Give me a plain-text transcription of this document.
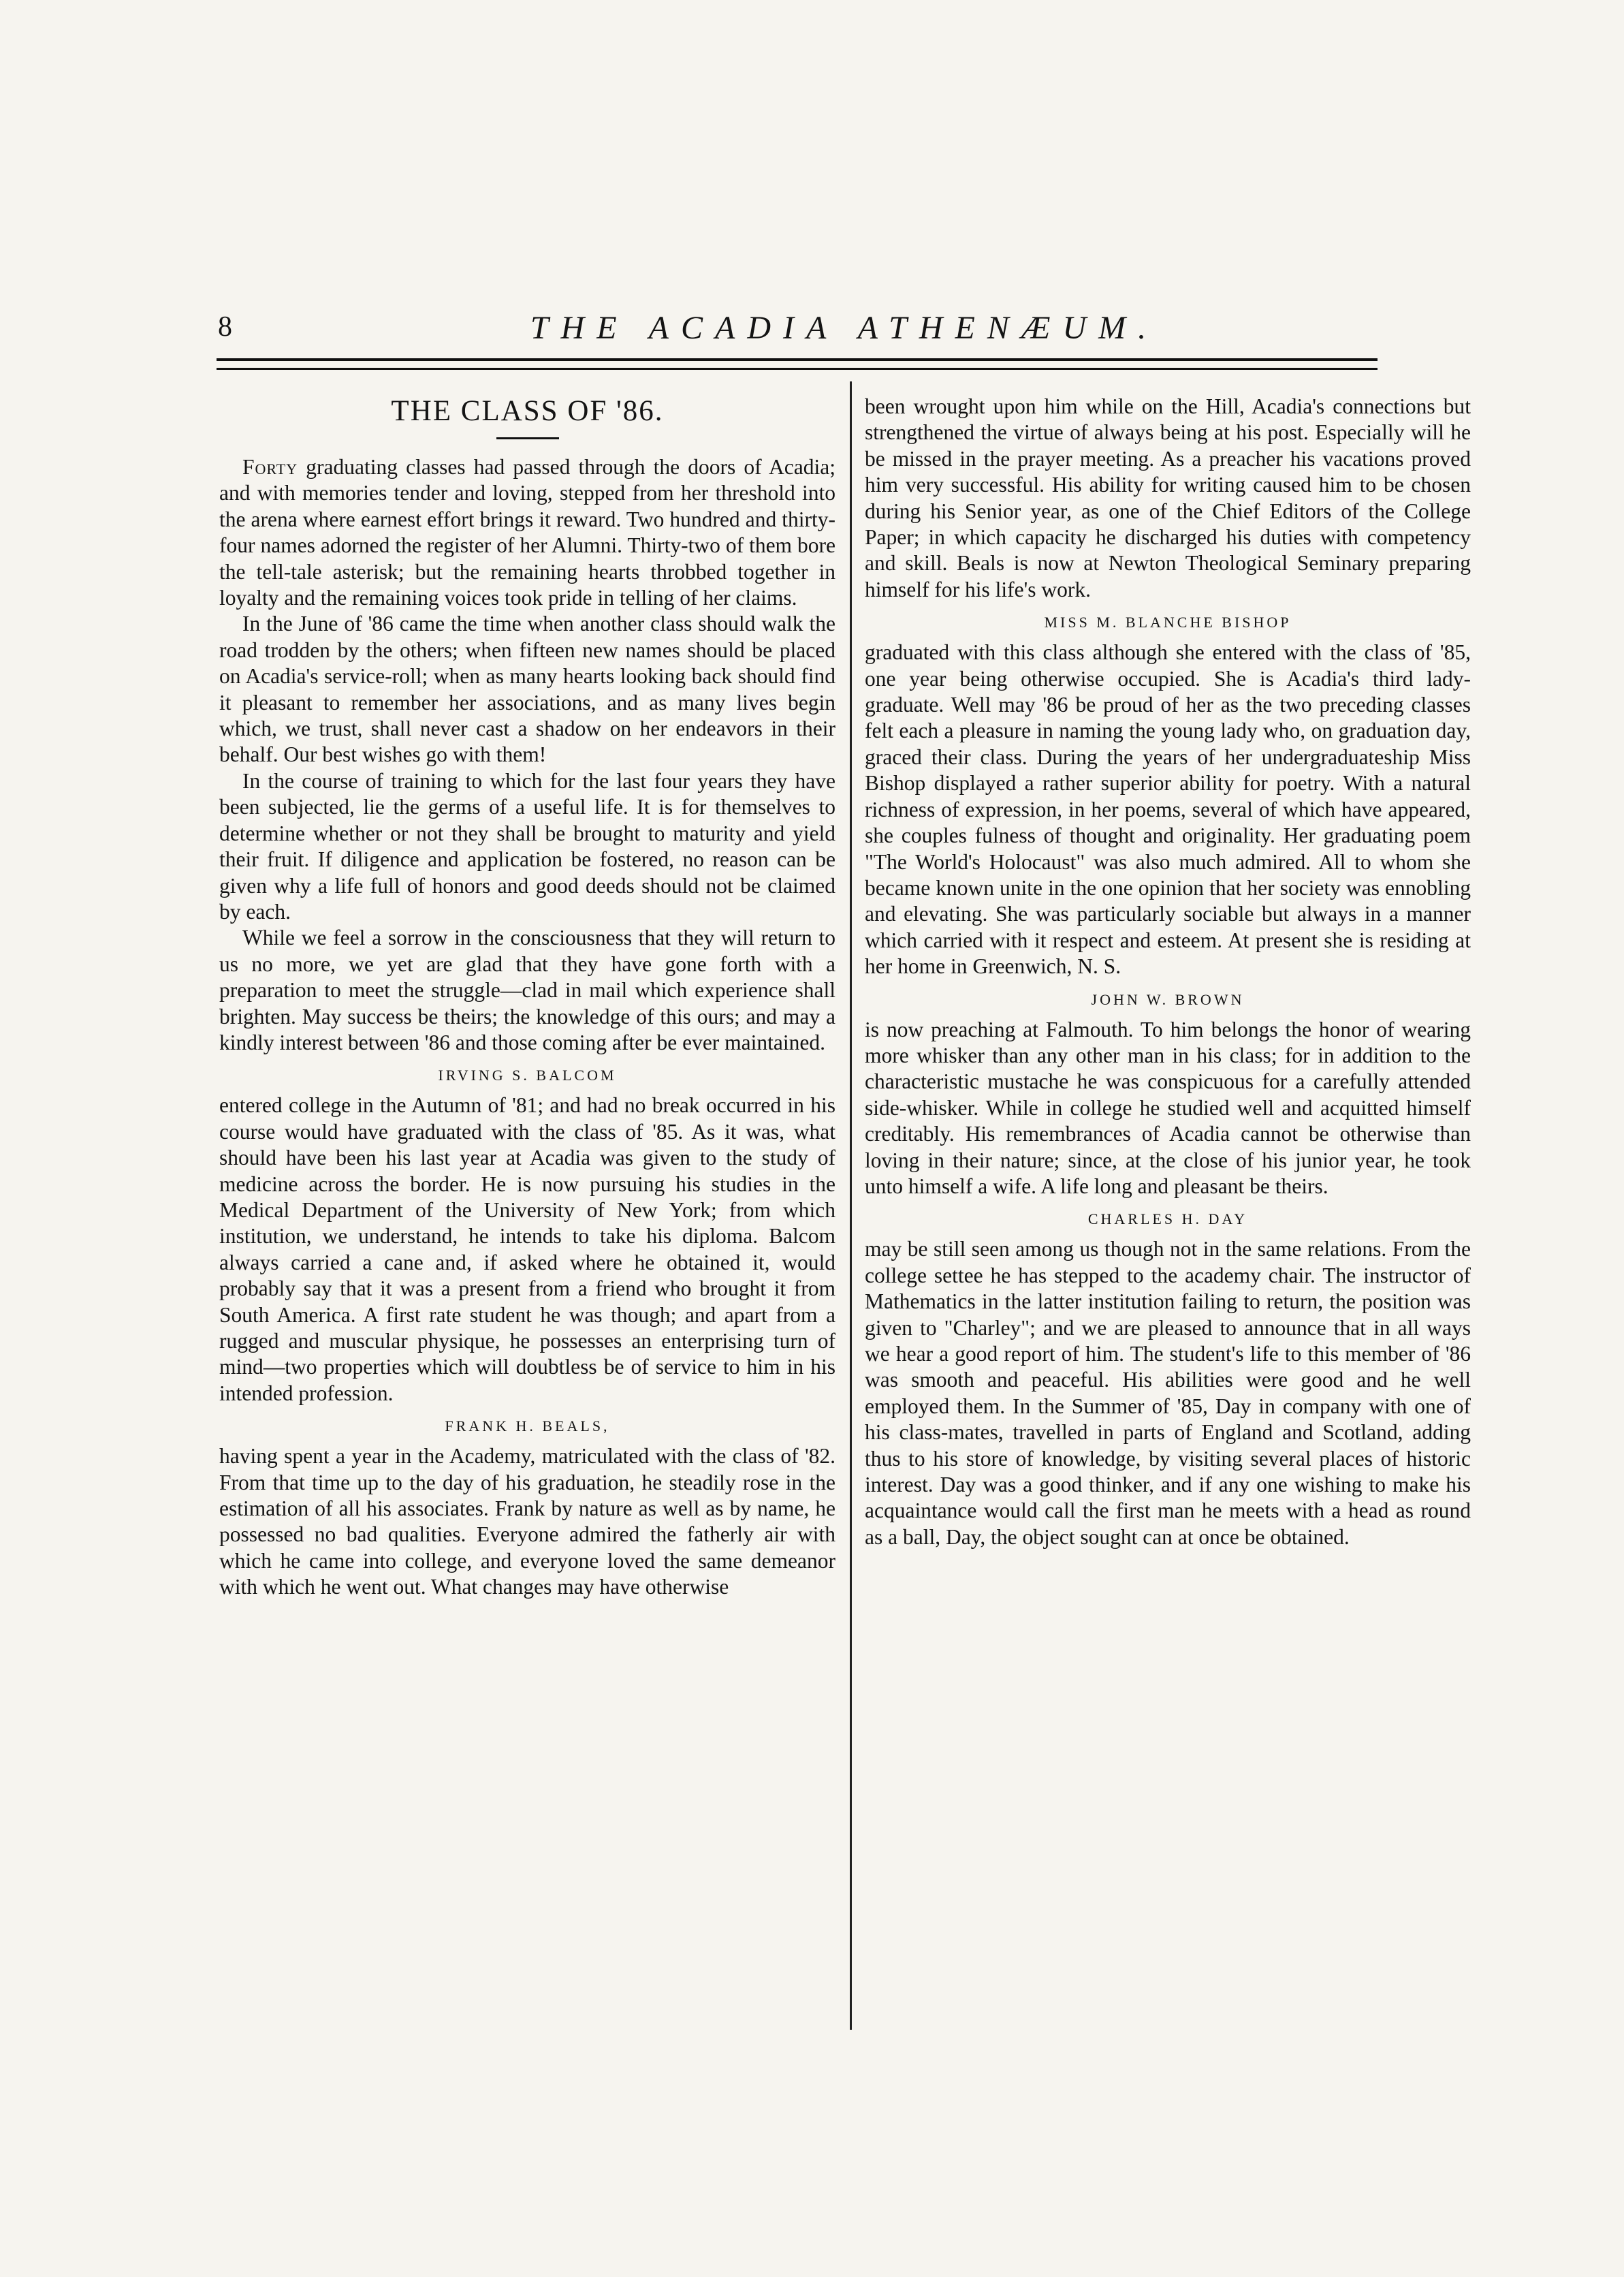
8	THE ACADIA ATHENÆUM.
THE CLASS OF '86.

Forty graduating classes had passed through the doors of Acadia; and with memories tender and loving, stepped from her threshold into the arena where earnest effort brings it reward. Two hundred and thirty-four names adorned the register of her Alumni. Thirty-two of them bore the tell-tale asterisk; but the remaining hearts throbbed together in loyalty and the remaining voices took pride in telling of her claims.

In the June of '86 came the time when another class should walk the road trodden by the others; when fifteen new names should be placed on Acadia's service-roll; when as many hearts looking back should find it pleasant to remember her associations, and as many lives begin which, we trust, shall never cast a shadow on her endeavors in their behalf. Our best wishes go with them!

In the course of training to which for the last four years they have been subjected, lie the germs of a useful life. It is for themselves to determine whether or not they shall be brought to maturity and yield their fruit. If diligence and application be fostered, no reason can be given why a life full of honors and good deeds should not be claimed by each.

While we feel a sorrow in the consciousness that they will return to us no more, we yet are glad that they have gone forth with a preparation to meet the struggle—clad in mail which experience shall brighten. May success be theirs; the knowledge of this ours; and may a kindly interest between '86 and those coming after be ever maintained.

IRVING S. BALCOM

entered college in the Autumn of '81; and had no break occurred in his course would have graduated with the class of '85. As it was, what should have been his last year at Acadia was given to the study of medicine across the border. He is now pursuing his studies in the Medical Department of the University of New York; from which institution, we understand, he intends to take his diploma. Balcom always carried a cane and, if asked where he obtained it, would probably say that it was a present from a friend who brought it from South America. A first rate student he was though; and apart from a rugged and muscular physique, he possesses an enterprising turn of mind—two properties which will doubtless be of service to him in his intended profession.

FRANK H. BEALS,

having spent a year in the Academy, matriculated with the class of '82. From that time up to the day of his graduation, he steadily rose in the estimation of all his associates. Frank by nature as well as by name, he possessed no bad qualities. Everyone admired the fatherly air with which he came into college, and everyone loved the same demeanor with which he went out. What changes may have otherwise

been wrought upon him while on the Hill, Acadia's connections but strengthened the virtue of always being at his post. Especially will he be missed in the prayer meeting. As a preacher his vacations proved him very successful. His ability for writing caused him to be chosen during his Senior year, as one of the Chief Editors of the College Paper; in which capacity he discharged his duties with competency and skill. Beals is now at Newton Theological Seminary preparing himself for his life's work.

MISS M. BLANCHE BISHOP

graduated with this class although she entered with the class of '85, one year being otherwise occupied. She is Acadia's third lady-graduate. Well may '86 be proud of her as the two preceding classes felt each a pleasure in naming the young lady who, on graduation day, graced their class. During the years of her undergraduateship Miss Bishop displayed a rather superior ability for poetry. With a natural richness of expression, in her poems, several of which have appeared, she couples fulness of thought and originality. Her graduating poem "The World's Holocaust" was also much admired. All to whom she became known unite in the one opinion that her society was ennobling and elevating. She was particularly sociable but always in a manner which carried with it respect and esteem. At present she is residing at her home in Greenwich, N. S.

JOHN W. BROWN

is now preaching at Falmouth. To him belongs the honor of wearing more whisker than any other man in his class; for in addition to the characteristic mustache he was conspicuous for a carefully attended side-whisker. While in college he studied well and acquitted himself creditably. His remembrances of Acadia cannot be otherwise than loving in their nature; since, at the close of his junior year, he took unto himself a wife. A life long and pleasant be theirs.

CHARLES H. DAY

may be still seen among us though not in the same relations. From the college settee he has stepped to the academy chair. The instructor of Mathematics in the latter institution failing to return, the position was given to "Charley"; and we are pleased to announce that in all ways we hear a good report of him. The student's life to this member of '86 was smooth and peaceful. His abilities were good and he well employed them. In the Summer of '85, Day in company with one of his class-mates, travelled in parts of England and Scotland, adding thus to his store of knowledge, by visiting several places of historic interest. Day was a good thinker, and if any one wishing to make his acquaintance would call the first man he meets with a head as round as a ball, Day, the object sought can at once be obtained.
